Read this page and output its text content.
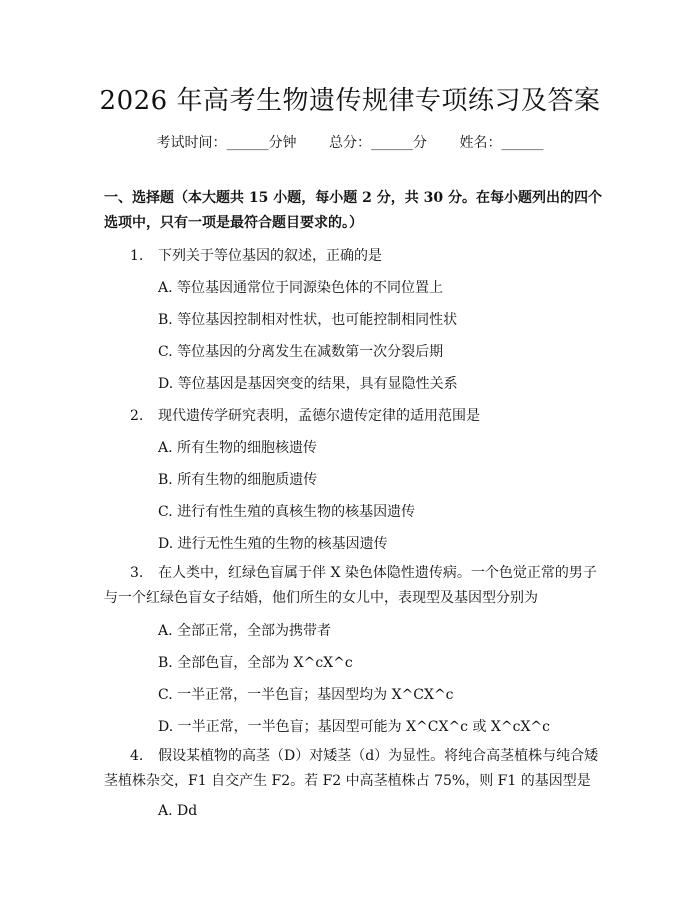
2026 年高考生物遗传规律专项练习及答案
考试时间：______分钟 总分：______分 姓名：______
一、选择题（本大题共 15 小题，每小题 2 分，共 30 分。在每小题列出的四个选项中，只有一项是最符合题目要求的。）
1. 下列关于等位基因的叙述，正确的是
A. 等位基因通常位于同源染色体的不同位置上
B. 等位基因控制相对性状，也可能控制相同性状
C. 等位基因的分离发生在减数第一次分裂后期
D. 等位基因是基因突变的结果，具有显隐性关系
2. 现代遗传学研究表明，孟德尔遗传定律的适用范围是
A. 所有生物的细胞核遗传
B. 所有生物的细胞质遗传
C. 进行有性生殖的真核生物的核基因遗传
D. 进行无性生殖的生物的核基因遗传
3. 在人类中，红绿色盲属于伴 X 染色体隐性遗传病。一个色觉正常的男子与一个红绿色盲女子结婚，他们所生的女儿中，表现型及基因型分别为
A. 全部正常，全部为携带者
B. 全部色盲，全部为 X^cX^c
C. 一半正常，一半色盲；基因型均为 X^CX^c
D. 一半正常，一半色盲；基因型可能为 X^CX^c 或 X^cX^c
4. 假设某植物的高茎（D）对矮茎（d）为显性。将纯合高茎植株与纯合矮茎植株杂交，F1 自交产生 F2。若 F2 中高茎植株占 75%，则 F1 的基因型是
A. Dd
